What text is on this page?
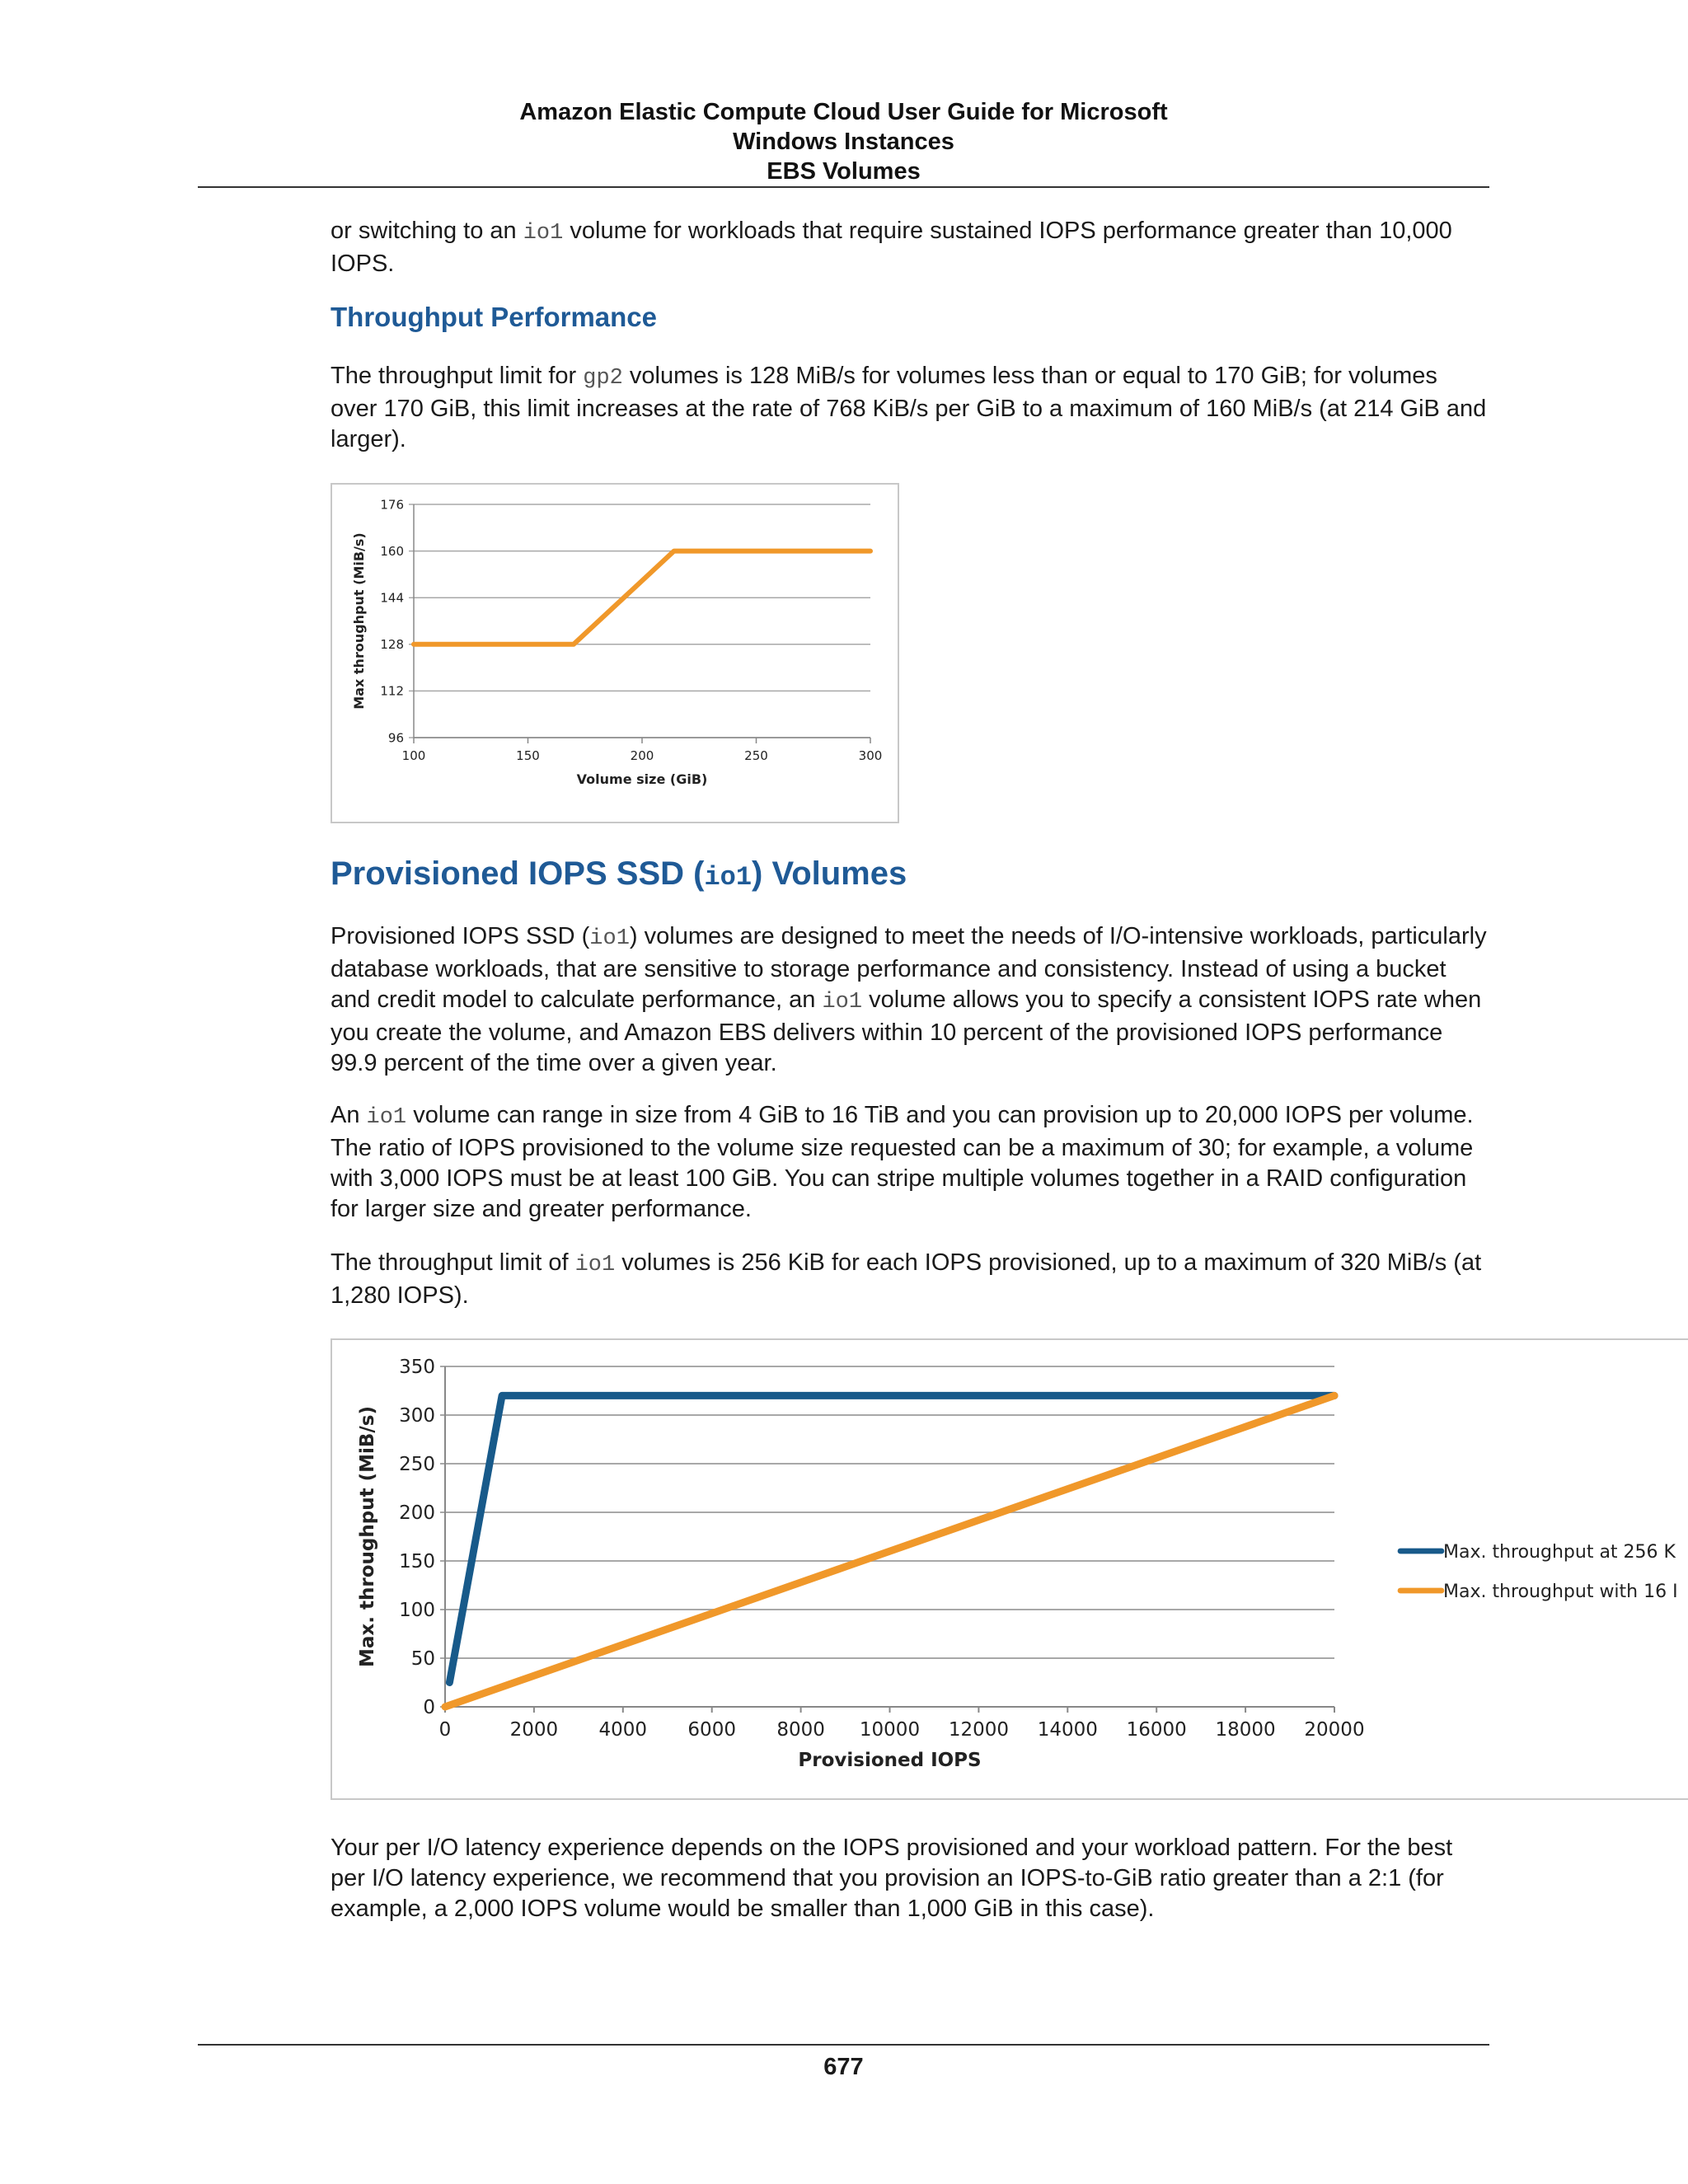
Amazon Elastic Compute Cloud User Guide for Microsoft
Windows Instances
EBS Volumes

or switching to an io1 volume for workloads that require sustained IOPS performance greater than 10,000 IOPS.

Throughput Performance

The throughput limit for gp2 volumes is 128 MiB/s for volumes less than or equal to 170 GiB; for volumes over 170 GiB, this limit increases at the rate of 768 KiB/s per GiB to a maximum of 160 MiB/s (at 214 GiB and larger).

96
112
128
144
160
176
100	150	200	250	300
Volume size (GiB)
Max throughput (MiB/s)
Provisioned IOPS SSD (io1) Volumes

Provisioned IOPS SSD (io1) volumes are designed to meet the needs of I/O-intensive workloads, particularly database workloads, that are sensitive to storage performance and consistency. Instead of using a bucket and credit model to calculate performance, an io1 volume allows you to specify a consistent IOPS rate when you create the volume, and Amazon EBS delivers within 10 percent of the provisioned IOPS performance 99.9 percent of the time over a given year.

An io1 volume can range in size from 4 GiB to 16 TiB and you can provision up to 20,000 IOPS per volume. The ratio of IOPS provisioned to the volume size requested can be a maximum of 30; for example, a volume with 3,000 IOPS must be at least 100 GiB. You can stripe multiple volumes together in a RAID configuration for larger size and greater performance.

The throughput limit of io1 volumes is 256 KiB for each IOPS provisioned, up to a maximum of 320 MiB/s (at 1,280 IOPS).

0
50
100
150
200
250
300
350
0	2000 4000 6000 8000 10000 12000 14000 16000 18000 20000
Provisioned IOPS
Max. throughput (MiB/s)	Max. throughput at 256 K
Max. throughput with 16 I

Your per I/O latency experience depends on the IOPS provisioned and your workload pattern. For the best per I/O latency experience, we recommend that you provision an IOPS-to-GiB ratio greater than a 2:1 (for example, a 2,000 IOPS volume would be smaller than 1,000 GiB in this case).

677
